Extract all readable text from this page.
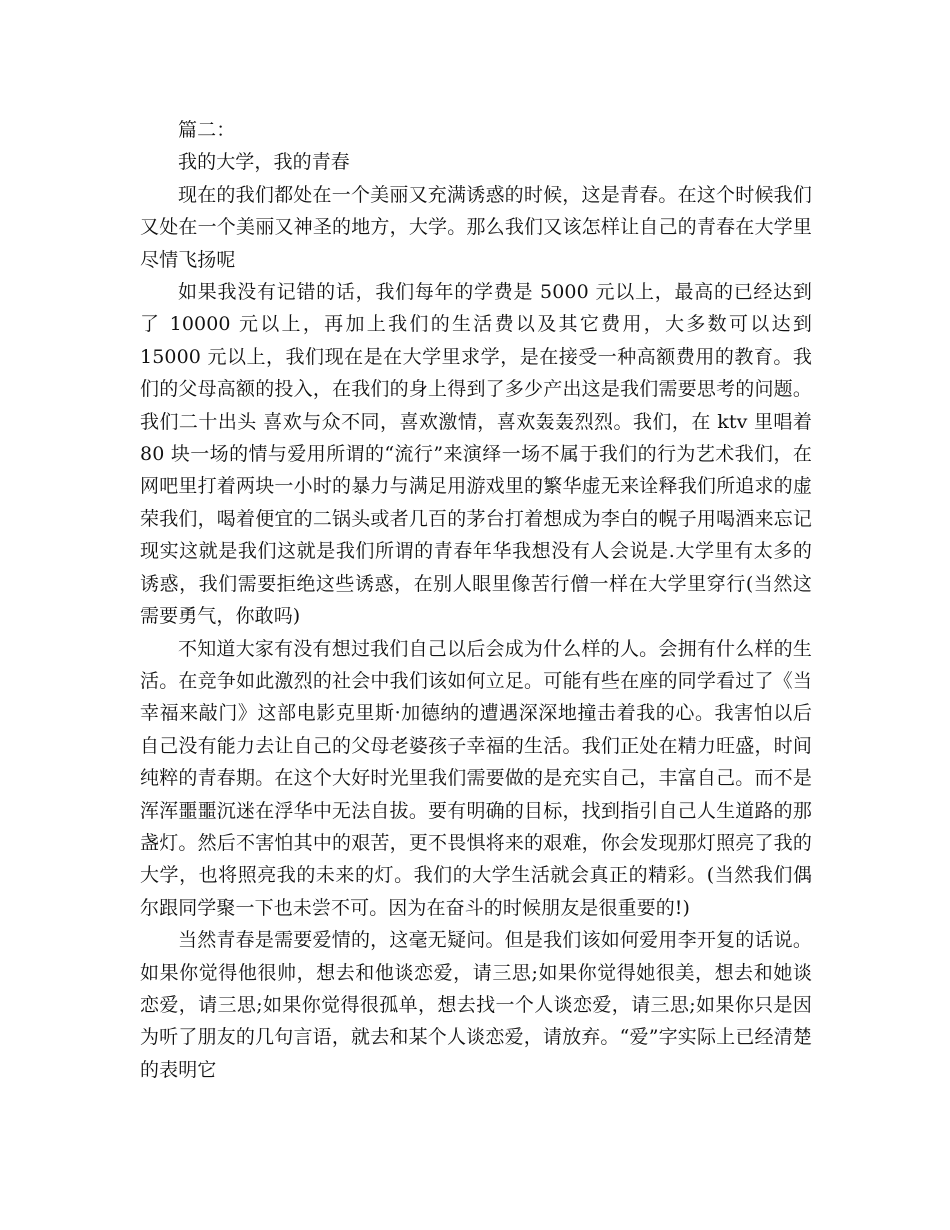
篇二：
我的大学，我的青春
现在的我们都处在一个美丽又充满诱惑的时候，这是青春。在这个时候我们又处在一个美丽又神圣的地方，大学。那么我们又该怎样让自己的青春在大学里尽情飞扬呢
如果我没有记错的话，我们每年的学费是 5000 元以上，最高的已经达到了 10000 元以上，再加上我们的生活费以及其它费用，大多数可以达到 15000 元以上，我们现在是在大学里求学，是在接受一种高额费用的教育。我们的父母高额的投入，在我们的身上得到了多少产出这是我们需要思考的问题。我们二十出头 喜欢与众不同，喜欢激情，喜欢轰轰烈烈。我们，在 ktv 里唱着 80 块一场的情与爱用所谓的“流行”来演绎一场不属于我们的行为艺术我们，在网吧里打着两块一小时的暴力与满足用游戏里的繁华虚无来诠释我们所追求的虚荣我们，喝着便宜的二锅头或者几百的茅台打着想成为李白的幌子用喝酒来忘记现实这就是我们这就是我们所谓的青春年华我想没有人会说是.大学里有太多的诱惑，我们需要拒绝这些诱惑，在别人眼里像苦行僧一样在大学里穿行(当然这需要勇气，你敢吗)
不知道大家有没有想过我们自己以后会成为什么样的人。会拥有什么样的生活。在竞争如此激烈的社会中我们该如何立足。可能有些在座的同学看过了《当幸福来敲门》这部电影克里斯·加德纳的遭遇深深地撞击着我的心。我害怕以后自己没有能力去让自己的父母老婆孩子幸福的生活。我们正处在精力旺盛，时间纯粹的青春期。在这个大好时光里我们需要做的是充实自己，丰富自己。而不是浑浑噩噩沉迷在浮华中无法自拔。要有明确的目标，找到指引自己人生道路的那盏灯。然后不害怕其中的艰苦，更不畏惧将来的艰难，你会发现那灯照亮了我的大学，也将照亮我的未来的灯。我们的大学生活就会真正的精彩。(当然我们偶尔跟同学聚一下也未尝不可。因为在奋斗的时候朋友是很重要的!)
当然青春是需要爱情的，这毫无疑问。但是我们该如何爱用李开复的话说。如果你觉得他很帅，想去和他谈恋爱，请三思;如果你觉得她很美，想去和她谈恋爱，请三思;如果你觉得很孤单，想去找一个人谈恋爱，请三思;如果你只是因为听了朋友的几句言语，就去和某个人谈恋爱，请放弃。“爱”字实际上已经清楚的表明它
